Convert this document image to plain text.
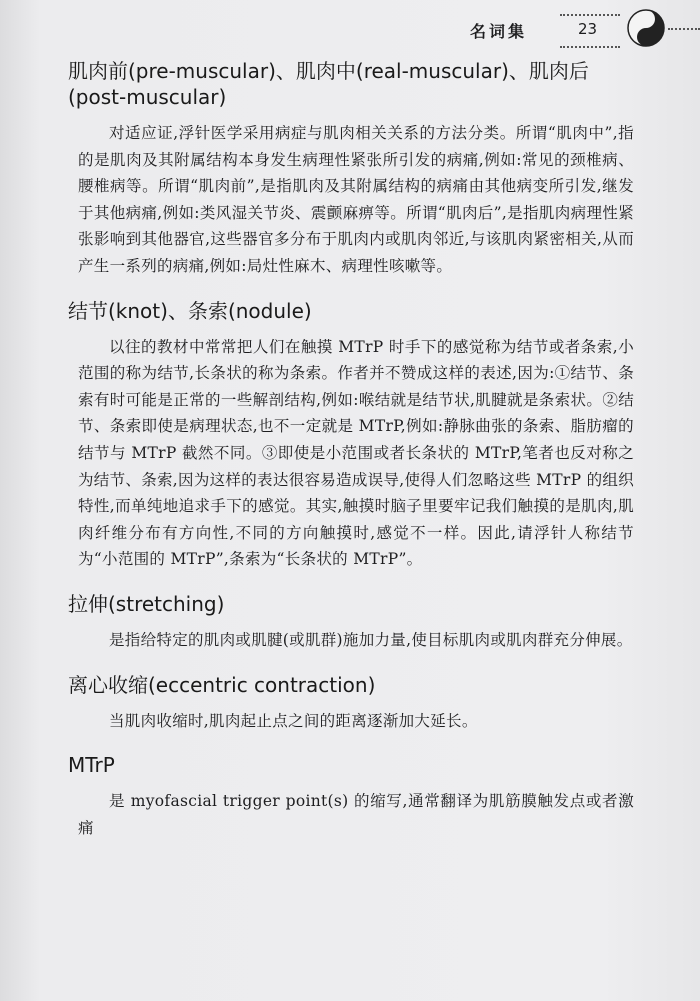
名词集	23
肌肉前(pre-muscular)、肌肉中(real-muscular)、肌肉后(post-muscular)

对适应证,浮针医学采用病症与肌肉相关关系的方法分类。所谓“肌肉中”,指的是肌肉及其附属结构本身发生病理性紧张所引发的病痛,例如:常见的颈椎病、腰椎病等。所谓“肌肉前”,是指肌肉及其附属结构的病痛由其他病变所引发,继发于其他病痛,例如:类风湿关节炎、震颤麻痹等。所谓“肌肉后”,是指肌肉病理性紧张影响到其他器官,这些器官多分布于肌肉内或肌肉邻近,与该肌肉紧密相关,从而产生一系列的病痛,例如:局灶性麻木、病理性咳嗽等。

结节(knot)、条索(nodule)

以往的教材中常常把人们在触摸 MTrP 时手下的感觉称为结节或者条索,小范围的称为结节,长条状的称为条索。作者并不赞成这样的表述,因为:①结节、条索有时可能是正常的一些解剖结构,例如:喉结就是结节状,肌腱就是条索状。②结节、条索即使是病理状态,也不一定就是 MTrP,例如:静脉曲张的条索、脂肪瘤的结节与 MTrP 截然不同。③即使是小范围或者长条状的 MTrP,笔者也反对称之为结节、条索,因为这样的表达很容易造成误导,使得人们忽略这些 MTrP 的组织特性,而单纯地追求手下的感觉。其实,触摸时脑子里要牢记我们触摸的是肌肉,肌肉纤维分布有方向性,不同的方向触摸时,感觉不一样。因此,请浮针人称结节为“小范围的 MTrP”,条索为“长条状的 MTrP”。

拉伸(stretching)

是指给特定的肌肉或肌腱(或肌群)施加力量,使目标肌肉或肌肉群充分伸展。

离心收缩(eccentric contraction)

当肌肉收缩时,肌肉起止点之间的距离逐渐加大延长。

MTrP

是 myofascial trigger point(s) 的缩写,通常翻译为肌筋膜触发点或者激痛
